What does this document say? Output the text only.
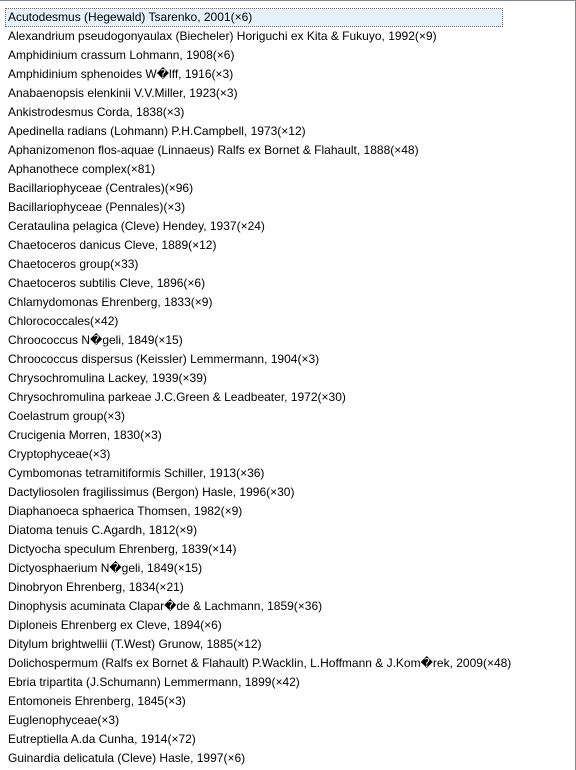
Acutodesmus (Hegewald) Tsarenko, 2001(×6)
Alexandrium pseudogonyaulax (Biecheler) Horiguchi ex Kita & Fukuyo, 1992(×9)
Amphidinium crassum Lohmann, 1908(×6)
Amphidinium sphenoides W�lff, 1916(×3)
Anabaenopsis elenkinii V.V.Miller, 1923(×3)
Ankistrodesmus Corda, 1838(×3)
Apedinella radians (Lohmann) P.H.Campbell, 1973(×12)
Aphanizomenon flos-aquae (Linnaeus) Ralfs ex Bornet & Flahault, 1888(×48)
Aphanothece complex(×81)
Bacillariophyceae (Centrales)(×96)
Bacillariophyceae (Pennales)(×3)
Cerataulina pelagica (Cleve) Hendey, 1937(×24)
Chaetoceros danicus Cleve, 1889(×12)
Chaetoceros group(×33)
Chaetoceros subtilis Cleve, 1896(×6)
Chlamydomonas Ehrenberg, 1833(×9)
Chlorococcales(×42)
Chroococcus N�geli, 1849(×15)
Chroococcus dispersus (Keissler) Lemmermann, 1904(×3)
Chrysochromulina Lackey, 1939(×39)
Chrysochromulina parkeae J.C.Green & Leadbeater, 1972(×30)
Coelastrum group(×3)
Crucigenia Morren, 1830(×3)
Cryptophyceae(×3)
Cymbomonas tetramitiformis Schiller, 1913(×36)
Dactyliosolen fragilissimus (Bergon) Hasle, 1996(×30)
Diaphanoeca sphaerica Thomsen, 1982(×9)
Diatoma tenuis C.Agardh, 1812(×9)
Dictyocha speculum Ehrenberg, 1839(×14)
Dictyosphaerium N�geli, 1849(×15)
Dinobryon Ehrenberg, 1834(×21)
Dinophysis acuminata Clapar�de & Lachmann, 1859(×36)
Diploneis Ehrenberg ex Cleve, 1894(×6)
Ditylum brightwellii (T.West) Grunow, 1885(×12)
Dolichospermum (Ralfs ex Bornet & Flahault) P.Wacklin, L.Hoffmann & J.Kom�rek, 2009(×48)
Ebria tripartita (J.Schumann) Lemmermann, 1899(×42)
Entomoneis Ehrenberg, 1845(×3)
Euglenophyceae(×3)
Eutreptiella A.da Cunha, 1914(×72)
Guinardia delicatula (Cleve) Hasle, 1997(×6)
